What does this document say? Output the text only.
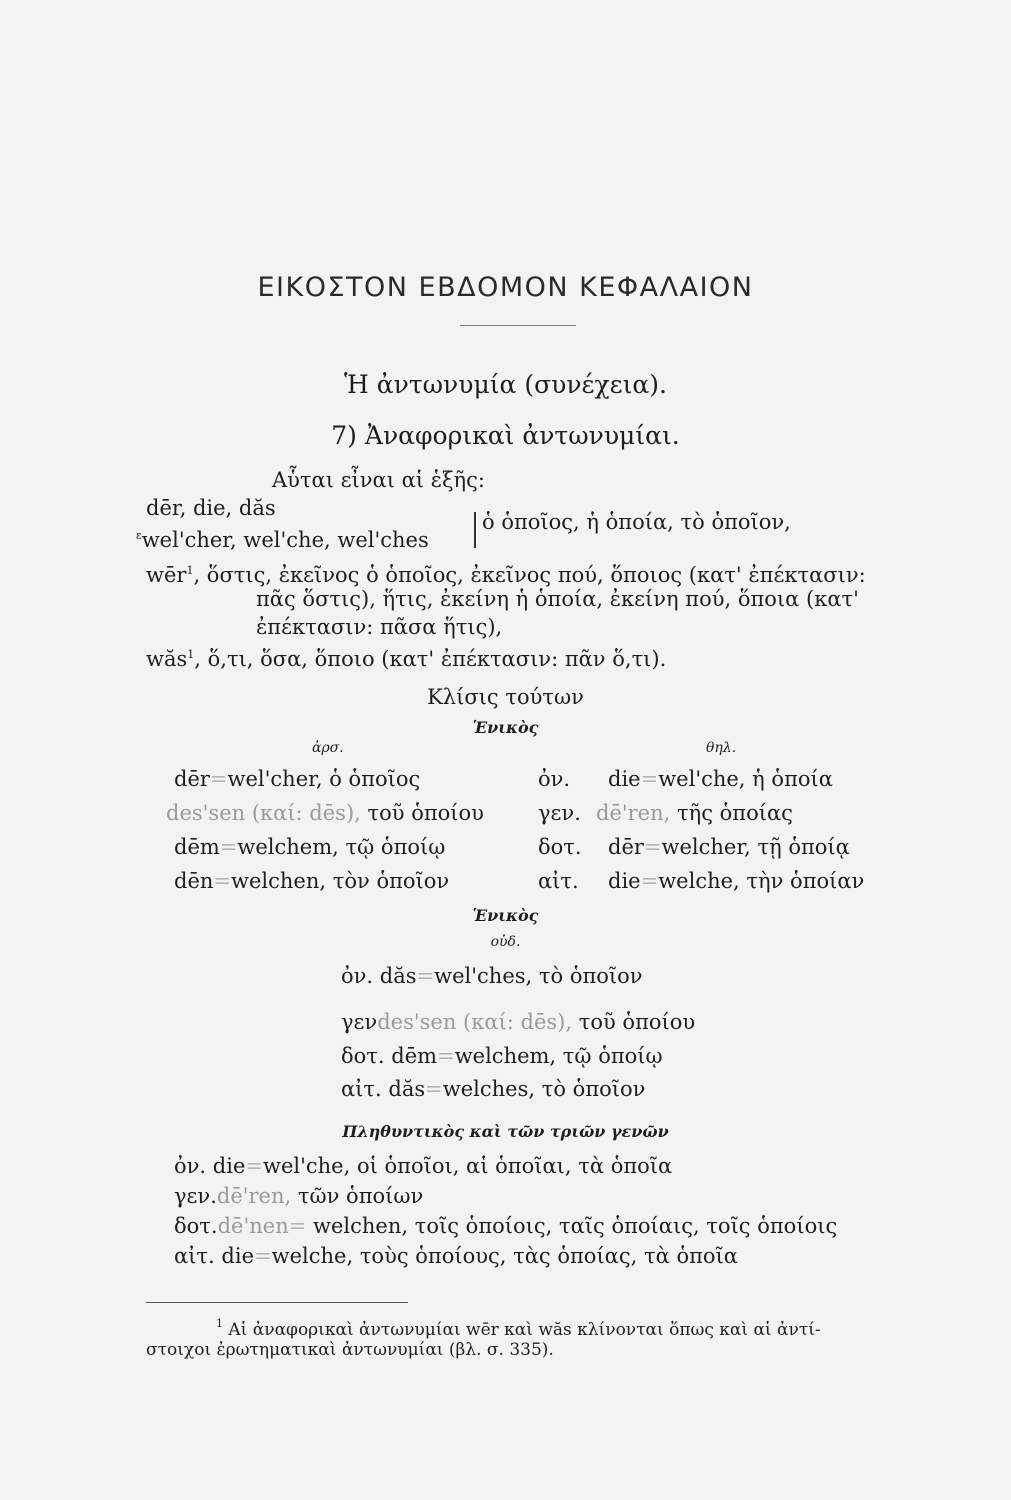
ΕΙΚΟΣΤΟΝ ΕΒΔΟΜΟΝ ΚΕΦΑΛΑΙΟΝ
Ἡ ἀντωνυμία (συνέχεια).
7) Ἀναφορικαὶ ἀντωνυμίαι.
Αὗται εἶναι αἱ ἑξῆς:
dēr, die, dăs
$^\varepsilon$wel'cher, wel'che, wel'ches
ὁ ὁποῖος, ἡ ὁποία, τὸ ὁποῖον,
wēr$^1$, ὅστις, ἐκεῖνος ὁ ὁποῖος, ἐκεῖνος πού, ὅποιος (κατ' ἐπέκτασιν:
πᾶς ὅστις), ἥτις, ἐκείνη ἡ ὁποία, ἐκείνη πού, ὅποια (κατ'
ἐπέκτασιν: πᾶσα ἥτις),
wăs$^1$, ὅ,τι, ὅσα, ὅποιο (κατ' ἐπέκτασιν: πᾶν ὅ,τι).
Κλίσις τούτων
Ἑνικὸς
ἀρσ.	θηλ.
dēr=wel'cher, ὁ ὁποῖος
des'sen (καί: dēs), τοῦ ὁποίου
dēm=welchem, τῷ ὁποίῳ
dēn=welchen, τὸν ὁποῖον
ὀν. die=wel'che, ἡ ὁποία
γεν. dē'ren, τῆς ὁποίας
δοτ. dēr=welcher, τῇ ὁποίᾳ
αἰτ. die=welche, τὴν ὁποίαν
Ἑνικὸς
οὐδ.
ὀν. dăs=wel'ches, τὸ ὁποῖον
γενdes'sen (καί: dēs), τοῦ ὁποίου
δοτ. dēm=welchem, τῷ ὁποίῳ
αἰτ. dăs=welches, τὸ ὁποῖον
Πληθυντικὸς καὶ τῶν τριῶν γενῶν
ὀν. die=wel'che, οἱ ὁποῖοι, αἱ ὁποῖαι, τὰ ὁποῖα
γεν.dē'ren, τῶν ὁποίων
δοτ.dē'nen= welchen, τοῖς ὁποίοις, ταῖς ὁποίαις, τοῖς ὁποίοις
αἰτ. die=welche, τοὺς ὁποίους, τὰς ὁποίας, τὰ ὁποῖα
$^1$ Αἱ ἀναφορικαὶ ἀντωνυμίαι wēr καὶ wăs κλίνονται ὅπως καὶ αἱ ἀντί-
στοιχοι ἐρωτηματικαὶ ἀντωνυμίαι (βλ. σ. 335).
